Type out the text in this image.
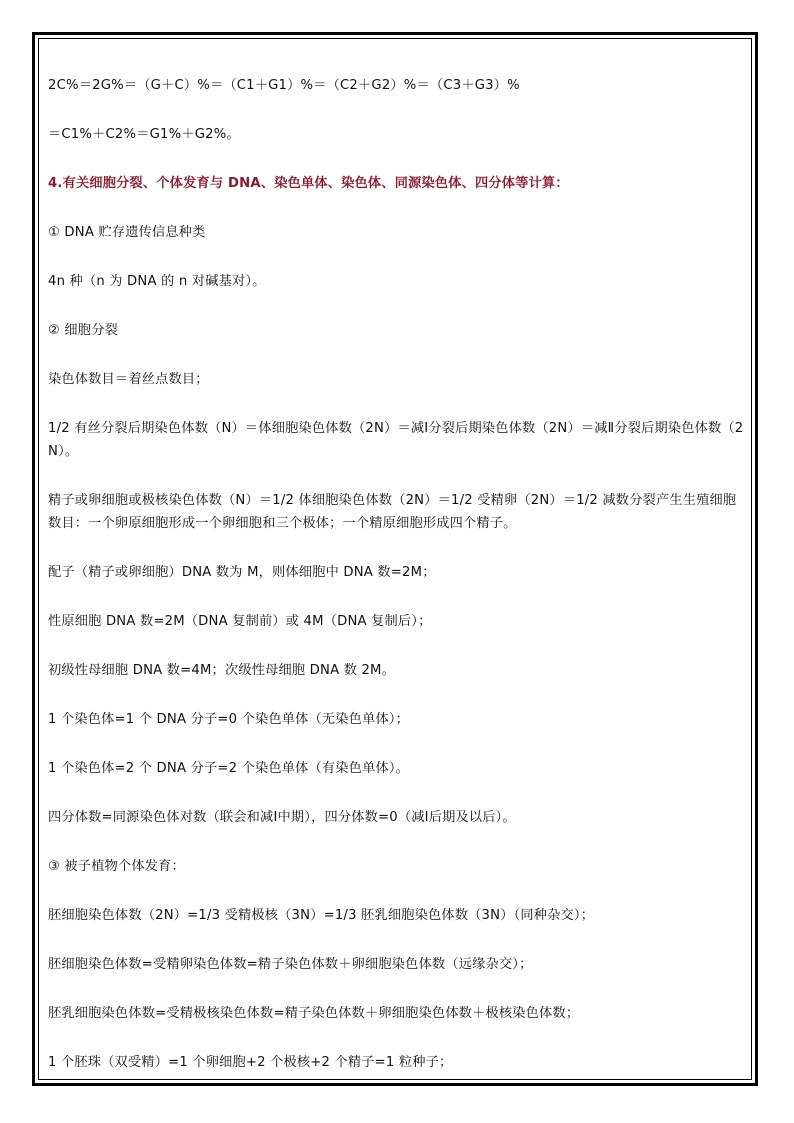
2C%＝2G%＝（G＋C）%＝（C1＋G1）%＝（C2＋G2）%＝（C3＋G3）%

＝C1%＋C2%＝G1%＋G2%。

4.有关细胞分裂、个体发育与 DNA、染色单体、染色体、同源染色体、四分体等计算：

① DNA 贮存遗传信息种类

4n 种（n 为 DNA 的 n 对碱基对）。

② 细胞分裂

染色体数目＝着丝点数目；

1/2 有丝分裂后期染色体数（N）＝体细胞染色体数（2N）＝减Ⅰ分裂后期染色体数（2N）＝减Ⅱ分裂后期染色体数（2N）。

精子或卵细胞或极核染色体数（N）＝1/2 体细胞染色体数（2N）＝1/2 受精卵（2N）＝1/2 减数分裂产生生殖细胞数目：一个卵原细胞形成一个卵细胞和三个极体；一个精原细胞形成四个精子。

配子（精子或卵细胞）DNA 数为 M，则体细胞中 DNA 数=2M；

性原细胞 DNA 数=2M（DNA 复制前）或 4M（DNA 复制后）；

初级性母细胞 DNA 数=4M；次级性母细胞 DNA 数 2M。

1 个染色体=1 个 DNA 分子=0 个染色单体（无染色单体）；

1 个染色体=2 个 DNA 分子=2 个染色单体（有染色单体）。

四分体数=同源染色体对数（联会和减Ⅰ中期），四分体数=0（减Ⅰ后期及以后）。

③ 被子植物个体发育：

胚细胞染色体数（2N）=1/3 受精极核（3N）=1/3 胚乳细胞染色体数（3N）（同种杂交）；

胚细胞染色体数=受精卵染色体数=精子染色体数＋卵细胞染色体数（远缘杂交）；

胚乳细胞染色体数=受精极核染色体数=精子染色体数＋卵细胞染色体数＋极核染色体数；

1 个胚珠（双受精）=1 个卵细胞+2 个极核+2 个精子=1 粒种子；
